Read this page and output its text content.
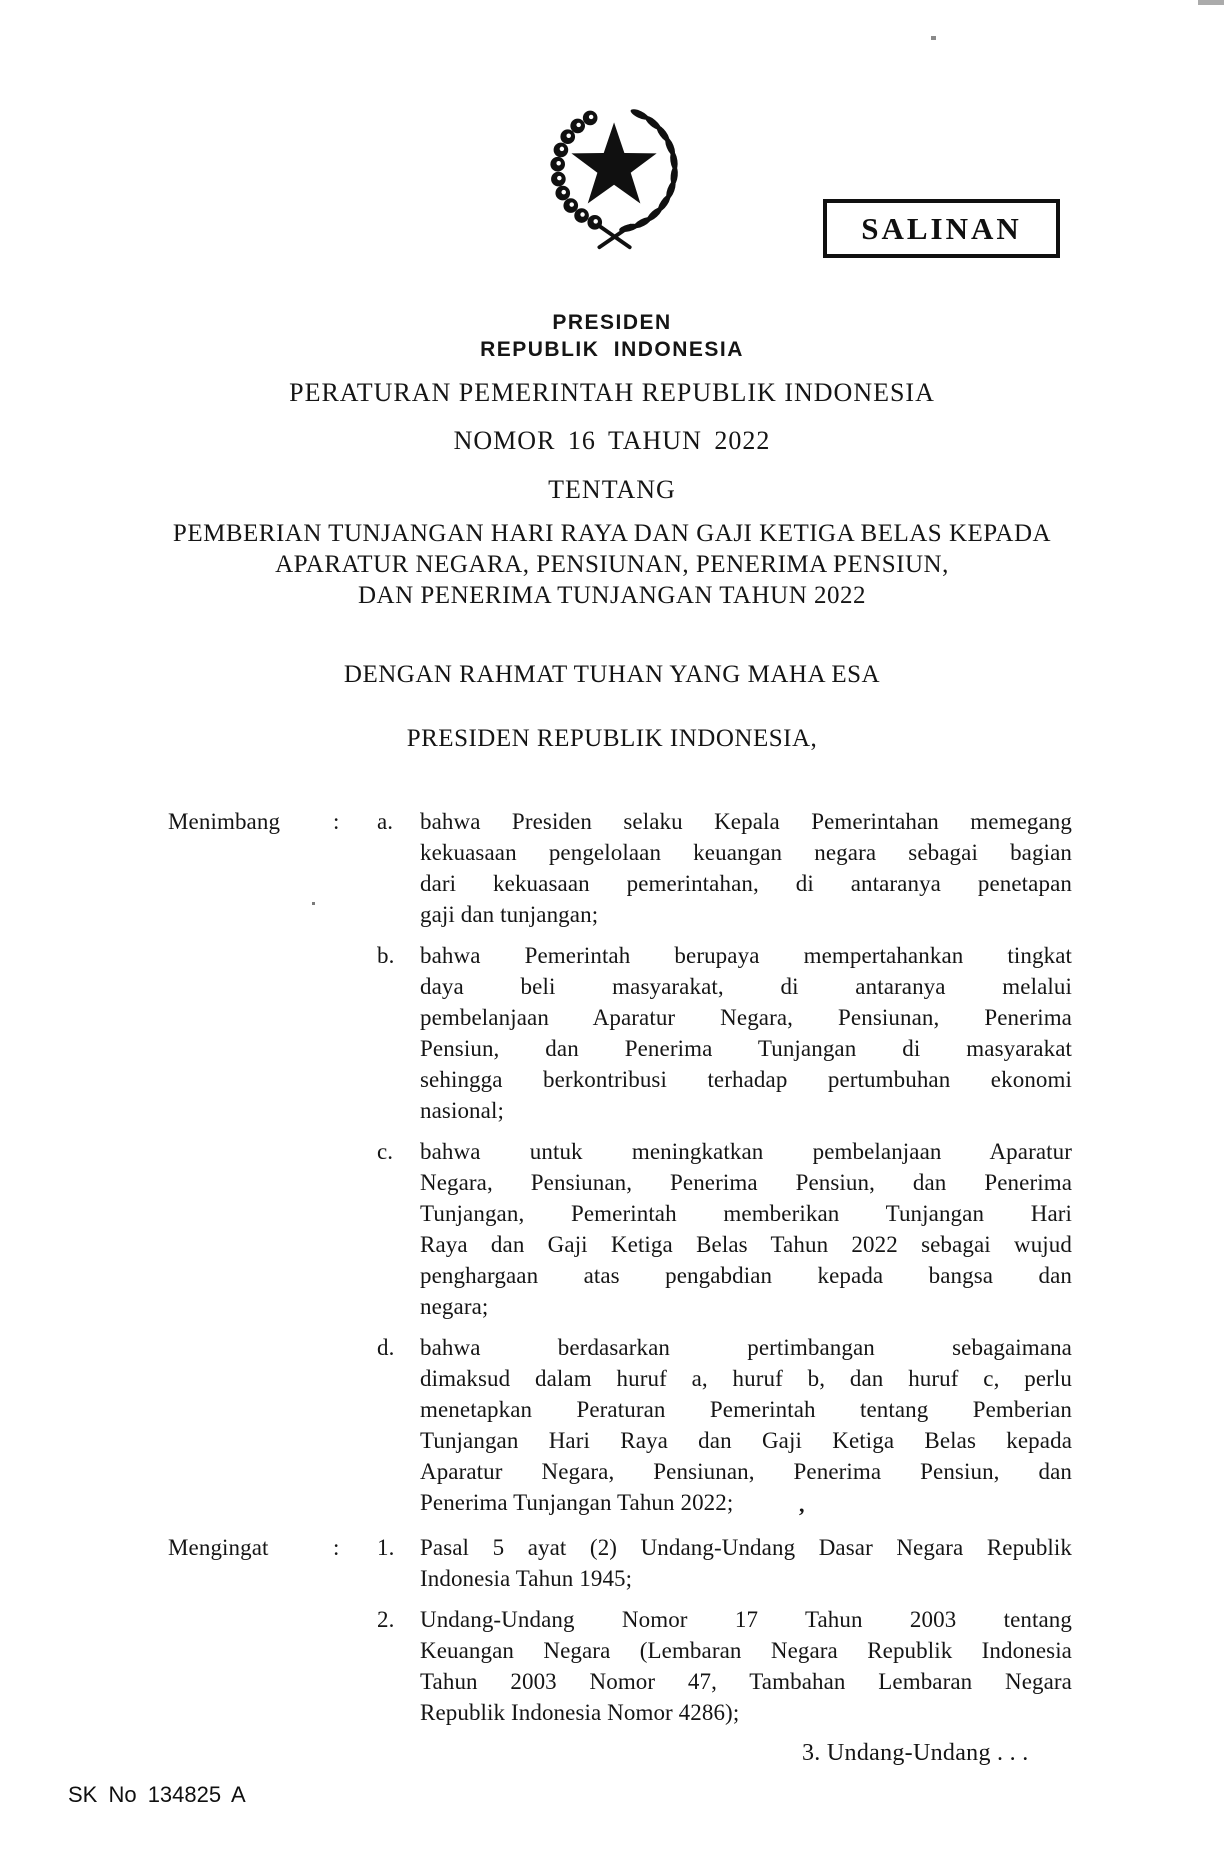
,
SALINAN
PRESIDEN
REPUBLIK INDONESIA
PERATURAN PEMERINTAH REPUBLIK INDONESIA
NOMOR 16 TAHUN 2022
TENTANG
PEMBERIAN TUNJANGAN HARI RAYA DAN GAJI KETIGA BELAS KEPADA
APARATUR NEGARA, PENSIUNAN, PENERIMA PENSIUN,
DAN PENERIMA TUNJANGAN TAHUN 2022
DENGAN RAHMAT TUHAN YANG MAHA ESA
PRESIDEN REPUBLIK INDONESIA,
Menimbang	:	a.	bahwa Presiden selaku Kepala Pemerintahan memegang
kekuasaan pengelolaan keuangan negara sebagai bagian
dari kekuasaan pemerintahan, di antaranya penetapan
gaji dan tunjangan;
b.	bahwa Pemerintah berupaya mempertahankan tingkat
daya beli masyarakat, di antaranya melalui
pembelanjaan Aparatur Negara, Pensiunan, Penerima
Pensiun, dan Penerima Tunjangan di masyarakat
sehingga berkontribusi terhadap pertumbuhan ekonomi
nasional;
c.	bahwa untuk meningkatkan pembelanjaan Aparatur
Negara, Pensiunan, Penerima Pensiun, dan Penerima
Tunjangan, Pemerintah memberikan Tunjangan Hari
Raya dan Gaji Ketiga Belas Tahun 2022 sebagai wujud
penghargaan atas pengabdian kepada bangsa dan
negara;
d.	bahwa berdasarkan pertimbangan sebagaimana
dimaksud dalam huruf a, huruf b, dan huruf c, perlu
menetapkan Peraturan Pemerintah tentang Pemberian
Tunjangan Hari Raya dan Gaji Ketiga Belas kepada
Aparatur Negara, Pensiunan, Penerima Pensiun, dan
Penerima Tunjangan Tahun 2022;
Mengingat	:	1.	Pasal 5 ayat (2) Undang-Undang Dasar Negara Republik
Indonesia Tahun 1945;
2.	Undang-Undang Nomor 17 Tahun 2003 tentang
Keuangan Negara (Lembaran Negara Republik Indonesia
Tahun 2003 Nomor 47, Tambahan Lembaran Negara
Republik Indonesia Nomor 4286);
3. Undang-Undang . . .
SK No 134825 A
